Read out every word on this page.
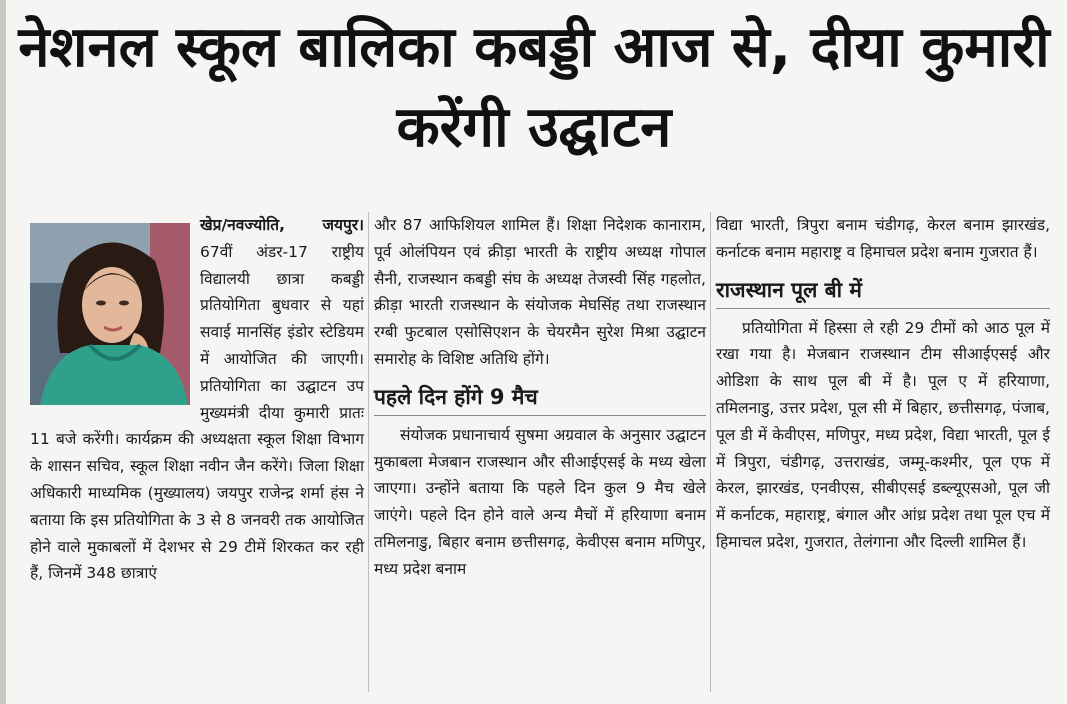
नेशनल स्कूल बालिका कबड्डी आज से, दीया कुमारी करेंगी उद्घाटन

खेप्र/नवज्योति, जयपुर।
67वीं अंडर-17 राष्ट्रीय विद्यालयी छात्रा कबड्डी प्रतियोगिता बुधवार से यहां सवाई मानसिंह इंडोर स्टेडियम में आयोजित की जाएगी। प्रतियोगिता का उद्घाटन उप मुख्यमंत्री दीया कुमारी प्रातः 11 बजे करेंगी। कार्यक्रम की अध्यक्षता स्कूल शिक्षा विभाग के शासन सचिव, स्कूल शिक्षा नवीन जैन करेंगे। जिला शिक्षा अधिकारी माध्यमिक (मुख्यालय) जयपुर राजेन्द्र शर्मा हंस ने बताया कि इस प्रतियोगिता के 3 से 8 जनवरी तक आयोजित होने वाले मुकाबलों में देशभर से 29 टीमें शिरकत कर रही हैं, जिनमें 348 छात्राएं

और 87 आफिशियल शामिल हैं। शिक्षा निदेशक कानाराम, पूर्व ओलंपियन एवं क्रीड़ा भारती के राष्ट्रीय अध्यक्ष गोपाल सैनी, राजस्थान कबड्डी संघ के अध्यक्ष तेजस्वी सिंह गहलोत, क्रीड़ा भारती राजस्थान के संयोजक मेघसिंह तथा राजस्थान रग्बी फुटबाल एसोसिएशन के चेयरमैन सुरेश मिश्रा उद्घाटन समारोह के विशिष्ट अतिथि होंगे।

पहले दिन होंगे 9 मैच

संयोजक प्रधानाचार्य सुषमा अग्रवाल के अनुसार उद्घाटन मुकाबला मेजबान राजस्थान और सीआईएसई के मध्य खेला जाएगा। उन्होंने बताया कि पहले दिन कुल 9 मैच खेले जाएंगे। पहले दिन होने वाले अन्य मैचों में हरियाणा बनाम तमिलनाडु, बिहार बनाम छत्तीसगढ़, केवीएस बनाम मणिपुर, मध्य प्रदेश बनाम

विद्या भारती, त्रिपुरा बनाम चंडीगढ़, केरल बनाम झारखंड, कर्नाटक बनाम महाराष्ट्र व हिमाचल प्रदेश बनाम गुजरात हैं।

राजस्थान पूल बी में

प्रतियोगिता में हिस्सा ले रही 29 टीमों को आठ पूल में रखा गया है। मेजबान राजस्थान टीम सीआईएसई और ओडिशा के साथ पूल बी में है। पूल ए में हरियाणा, तमिलनाडु, उत्तर प्रदेश, पूल सी में बिहार, छत्तीसगढ़, पंजाब, पूल डी में केवीएस, मणिपुर, मध्य प्रदेश, विद्या भारती, पूल ई में त्रिपुरा, चंडीगढ़, उत्तराखंड, जम्मू-कश्मीर, पूल एफ में केरल, झारखंड, एनवीएस, सीबीएसई डब्ल्यूएसओ, पूल जी में कर्नाटक, महाराष्ट्र, बंगाल और आंध्र प्रदेश तथा पूल एच में हिमाचल प्रदेश, गुजरात, तेलंगाना और दिल्ली शामिल हैं।
